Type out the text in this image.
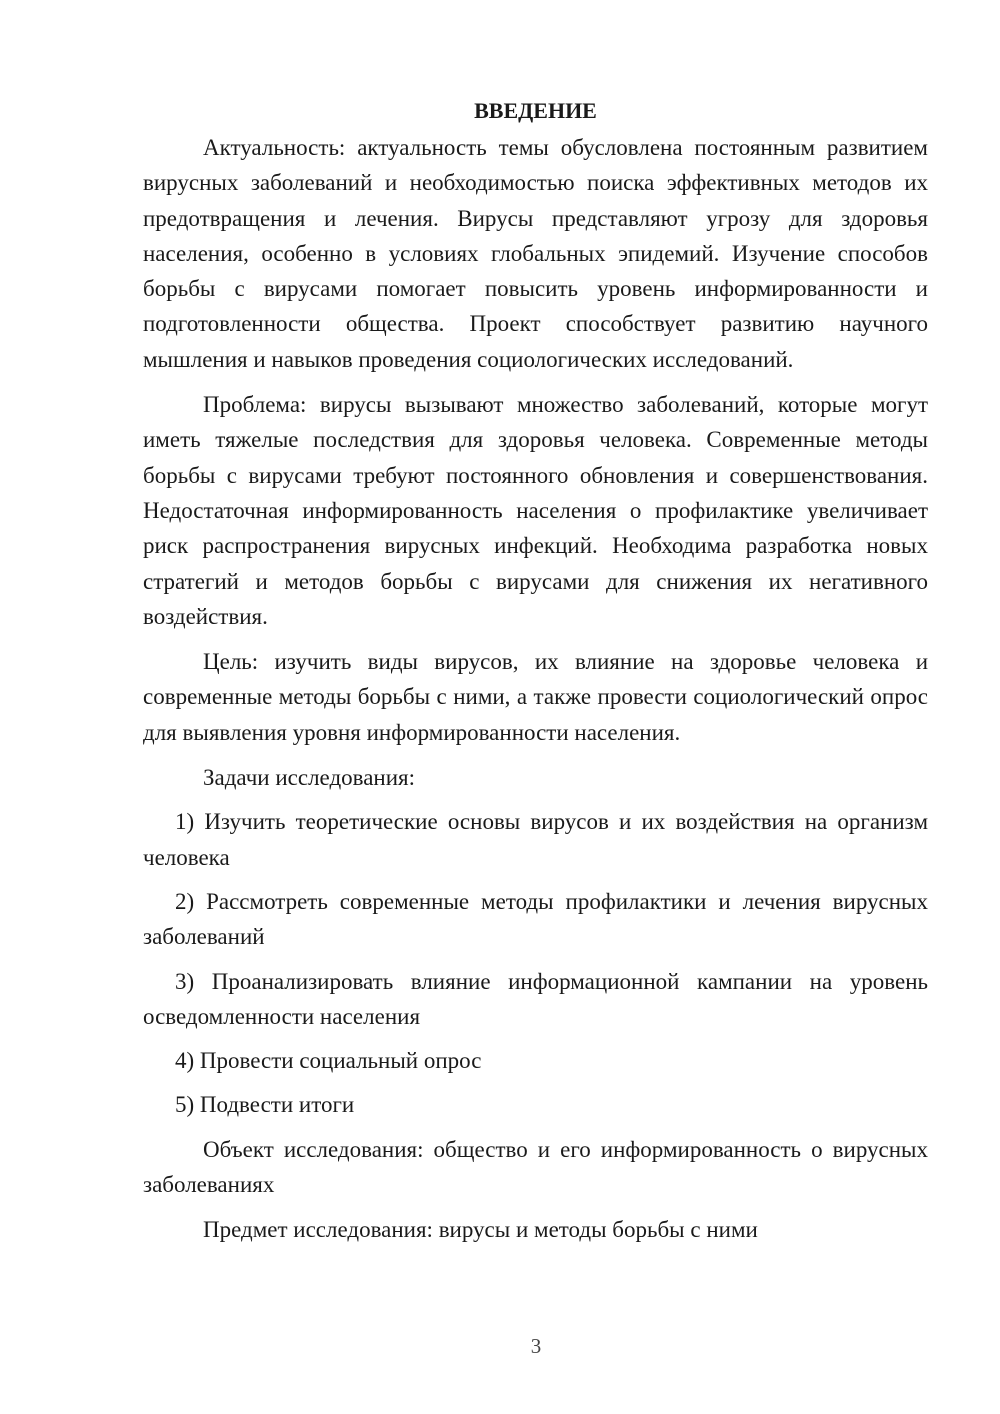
ВВЕДЕНИЕ

Актуальность: актуальность темы обусловлена постоянным развитием вирусных заболеваний и необходимостью поиска эффективных методов их предотвращения и лечения. Вирусы представляют угрозу для здоровья населения, особенно в условиях глобальных эпидемий. Изучение способов борьбы с вирусами помогает повысить уровень информированности и подготовленности общества. Проект способствует развитию научного мышления и навыков проведения социологических исследований.

Проблема: вирусы вызывают множество заболеваний, которые могут иметь тяжелые последствия для здоровья человека. Современные методы борьбы с вирусами требуют постоянного обновления и совершенствования. Недостаточная информированность населения о профилактике увеличивает риск распространения вирусных инфекций. Необходима разработка новых стратегий и методов борьбы с вирусами для снижения их негативного воздействия.

Цель: изучить виды вирусов, их влияние на здоровье человека и современные методы борьбы с ними, а также провести социологический опрос для выявления уровня информированности населения.

Задачи исследования:

1) Изучить теоретические основы вирусов и их воздействия на организм человека

2) Рассмотреть современные методы профилактики и лечения вирусных заболеваний

3) Проанализировать влияние информационной кампании на уровень осведомленности населения

4) Провести социальный опрос

5) Подвести итоги

Объект исследования: общество и его информированность о вирусных заболеваниях

Предмет исследования: вирусы и методы борьбы с ними

3
